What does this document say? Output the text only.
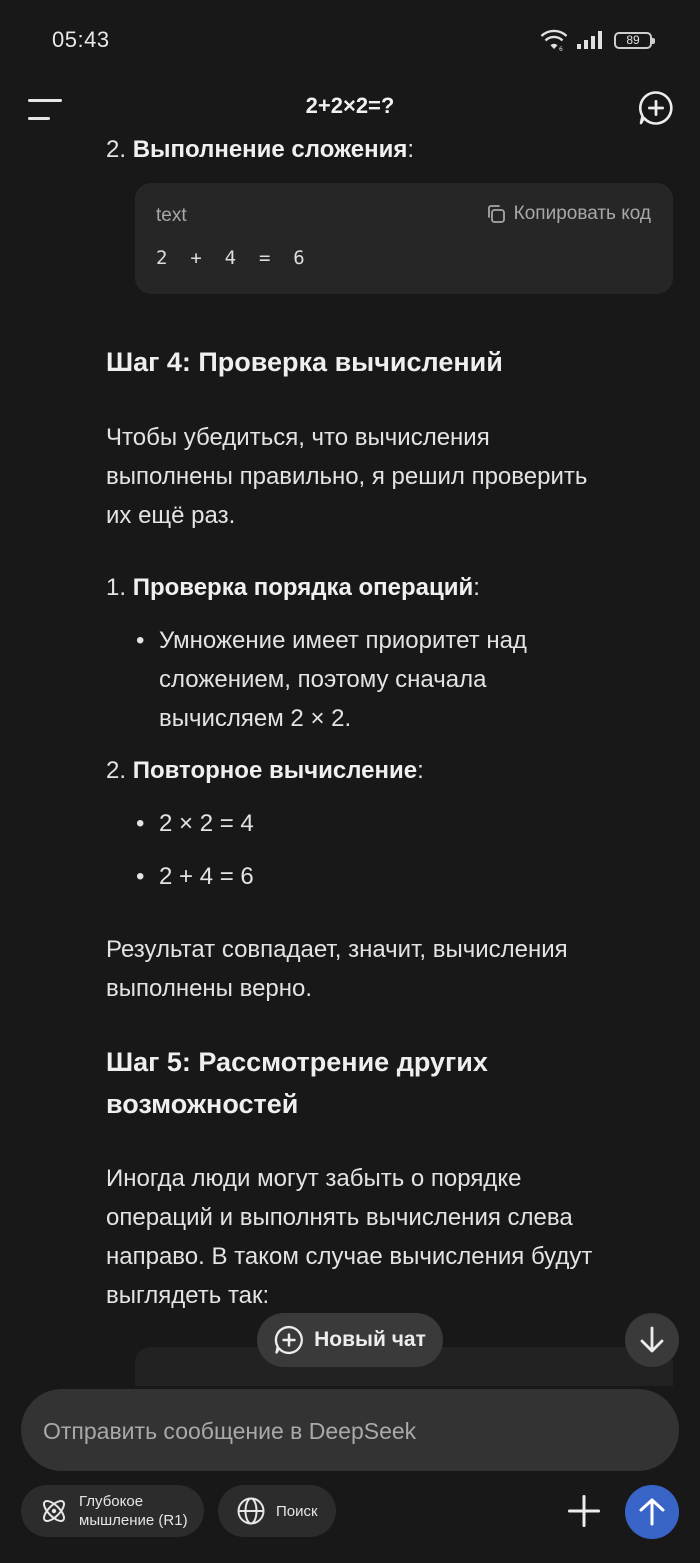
05:43	6
89
2+2×2=?
2. Выполнение сложения:
text	Копировать код
2  +  4  =  6
Шаг 4: Проверка вычислений
Чтобы убедиться, что вычисления
выполнены правильно, я решил проверить
их ещё раз.
1. Проверка порядка операций:
• Умножение имеет приоритет над
сложением, поэтому сначала
вычисляем 2 × 2.
2. Повторное вычисление:
• 2 × 2 = 4
• 2 + 4 = 6
Результат совпадает, значит, вычисления
выполнены верно.
Шаг 5: Рассмотрение других
возможностей
Иногда люди могут забыть о порядке
операций и выполнять вычисления слева
направо. В таком случае вычисления будут
выглядеть так:
Новый чат
Отправить сообщение в DeepSeek
Глубокое
мышление (R1)
Поиск
